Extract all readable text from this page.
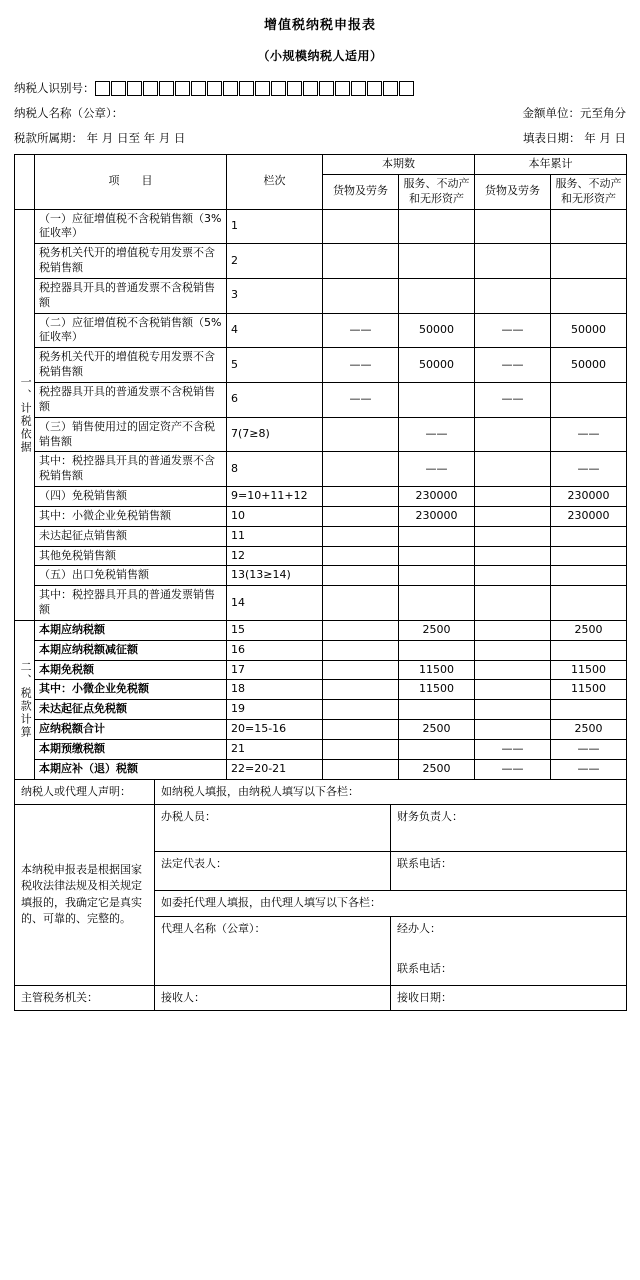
增值税纳税申报表
（小规模纳税人适用）
纳税人识别号：
纳税人名称（公章）：	金额单位：元至角分
税款所属期： 年 月 日至 年 月 日	填表日期： 年 月 日
	项　　目	栏次	本期数		本年累计	
			货物及劳务	服务、不动产和无形资产	货物及劳务	服务、不动产和无形资产

一、计税依据	（一）应征增值税不含税销售额（3%征收率）	1				
	税务机关代开的增值税专用发票不含税销售额	2				
	税控器具开具的普通发票不含税销售额	3				
	（二）应征增值税不含税销售额（5%征收率）	4	——	50000	——	50000
	税务机关代开的增值税专用发票不含税销售额	5	——	50000	——	50000
	税控器具开具的普通发票不含税销售额	6	——		——	
	（三）销售使用过的固定资产不含税销售额	7(7≥8)		——		——
	其中：税控器具开具的普通发票不含税销售额	8		——		——
	（四）免税销售额	9=10+11+12		230000		230000
	其中：小微企业免税销售额	10		230000		230000
	未达起征点销售额	11				
	其他免税销售额	12				
	（五）出口免税销售额	13(13≥14)				
	其中：税控器具开具的普通发票销售额	14				

二、税款计算	本期应纳税额	15		2500		2500
	本期应纳税额减征额	16				
	本期免税额	17		11500		11500
	其中：小微企业免税额	18		11500		11500
	未达起征点免税额	19				
	应纳税额合计	20=15-16		2500		2500
	本期预缴税额	21			——	——
	本期应补（退）税额	22=20-21		2500	——	——
纳税人或代理人声明：	如纳税人填报，由纳税人填写以下各栏：	
本纳税申报表是根据国家税收法律法规及相关规定填报的，我确定它是真实的、可靠的、完整的。	办税人员：	财务负责人：
	法定代表人：	联系电话：
	如委托代理人填报，由代理人填写以下各栏：	
	代理人名称（公章）：	经办人：
联系电话：

主管税务机关：	接收人：	接收日期：
